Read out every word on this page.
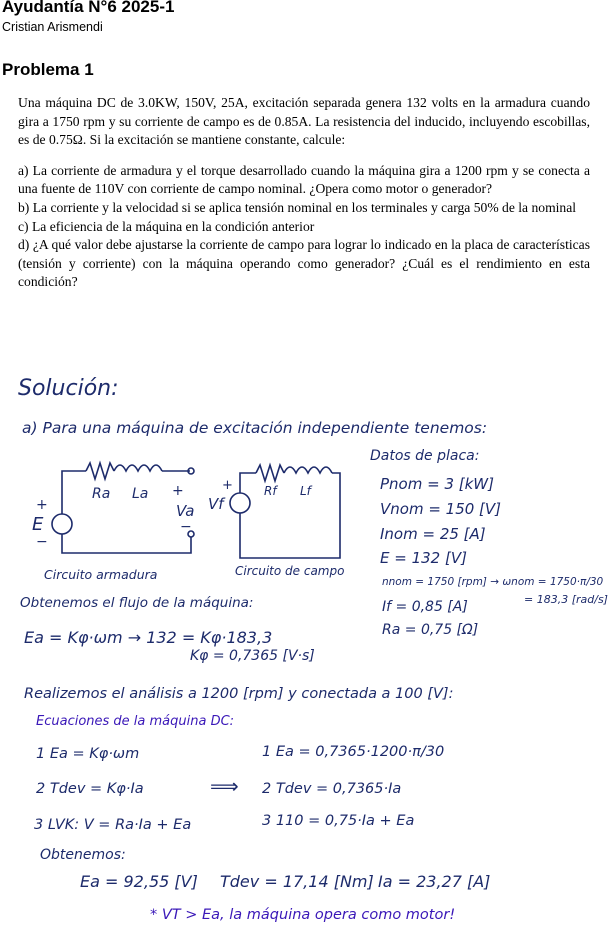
Ayudantía N°6 2025-1
Cristian Arismendi
Problema 1

Una máquina DC de 3.0KW, 150V, 25A, excitación separada genera 132 volts en la armadura cuando gira a 1750 rpm y su corriente de campo es de 0.85A. La resistencia del inducido, incluyendo escobillas, es de 0.75Ω. Si la excitación se mantiene constante, calcule:

a) La corriente de armadura y el torque desarrollado cuando la máquina gira a 1200 rpm y se conecta a una fuente de 110V con corriente de campo nominal. ¿Opera como motor o generador?

b) La corriente y la velocidad si se aplica tensión nominal en los terminales y carga 50% de la nominal

c) La eficiencia de la máquina en la condición anterior

d) ¿A qué valor debe ajustarse la corriente de campo para lograr lo indicado en la placa de características (tensión y corriente) con la máquina operando como generador? ¿Cuál es el rendimiento en esta condición?

Solución:
a) Para una máquina de excitación independiente tenemos:
Ra La
+
E
−
+
Va
−
Circuito armadura
Rf Lf
+
Vf
Circuito de campo
Datos de placa:
Pnom = 3 [kW]
Vnom = 150 [V]
Inom = 25 [A]
E = 132 [V]
nnom = 1750 [rpm] → ωnom = 1750·π/30
= 183,3 [rad/s]
If = 0,85 [A]
Ra = 0,75 [Ω]
Obtenemos el flujo de la máquina:
Ea = Kφ·ωm → 132 = Kφ·183,3
Kφ = 0,7365 [V·s]
Realizemos el análisis a 1200 [rpm] y conectada a 100 [V]:
Ecuaciones de la máquina DC:
1 Ea = Kφ·ωm
2 Tdev = Kφ·Ia
3 LVK: V = Ra·Ia + Ea
⟹
1 Ea = 0,7365·1200·π/30
2 Tdev = 0,7365·Ia
3 110 = 0,75·Ia + Ea
Obtenemos:
Ea = 92,55 [V] Tdev = 17,14 [Nm] Ia = 23,27 [A]
* VT > Ea, la máquina opera como motor!
